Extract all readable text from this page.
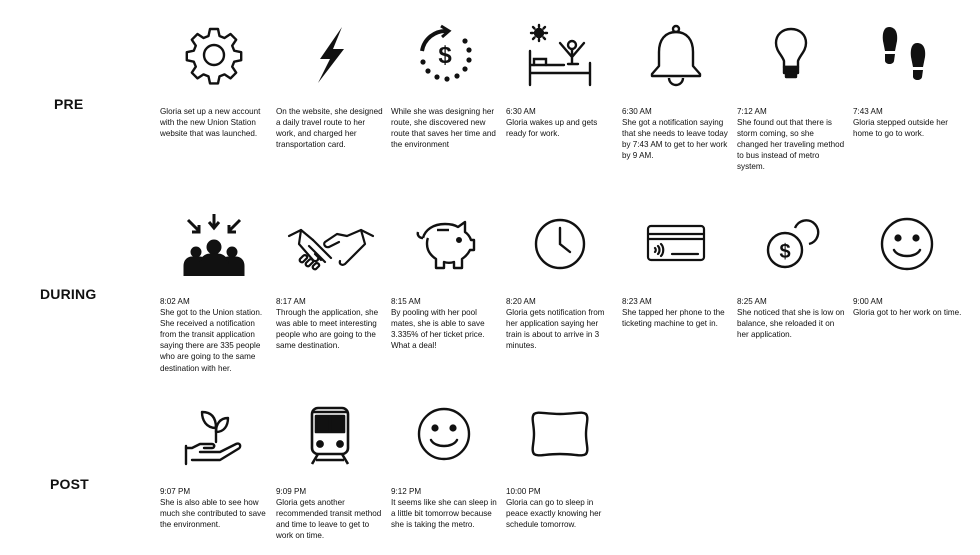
PRE
DURING
POST
Gloria set up a new account with the new Union Station website that was launched.
On the website, she designed a daily travel route to her work, and charged her transportation card.
$
While she was designing her route, she discovered new route that saves her time and the environment
6:30 AM
Gloria wakes up and gets ready for work.
6:30 AM
She got a notification saying that she needs to leave today by 7:43 AM to get to her work by 9 AM.
7:12 AM
She found out that there is storm coming, so she changed her traveling method to bus instead of metro system.
7:43 AM
Gloria stepped outside her home to go to work.
8:02 AM
She got to the Union station. She received a notification from the transit application saying there are 335 people who are going to the same destination with her.
8:17 AM
Through the application, she was able to meet interesting people who are going to the same destination.
8:15 AM
By pooling with her pool mates, she is able to save 3.335% of her ticket price. What a deal!
8:20 AM
Gloria gets notification from her application saying her train is about to arrive in 3 minutes.
8:23 AM
She tapped her phone to the ticketing machine to get in.
$
8:25 AM
She noticed that she is low on balance, she reloaded it on her application.
9:00 AM
Gloria got to her work on time.
9:07 PM
She is also able to see how much she contributed to save the environment.
9:09 PM
Gloria gets another recommended transit method and time to leave to get to work on time.
9:12 PM
It seems like she can sleep in a little bit tomorrow because she is taking the metro.
10:00 PM
Gloria can go to sleep in peace exactly knowing her schedule tomorrow.
